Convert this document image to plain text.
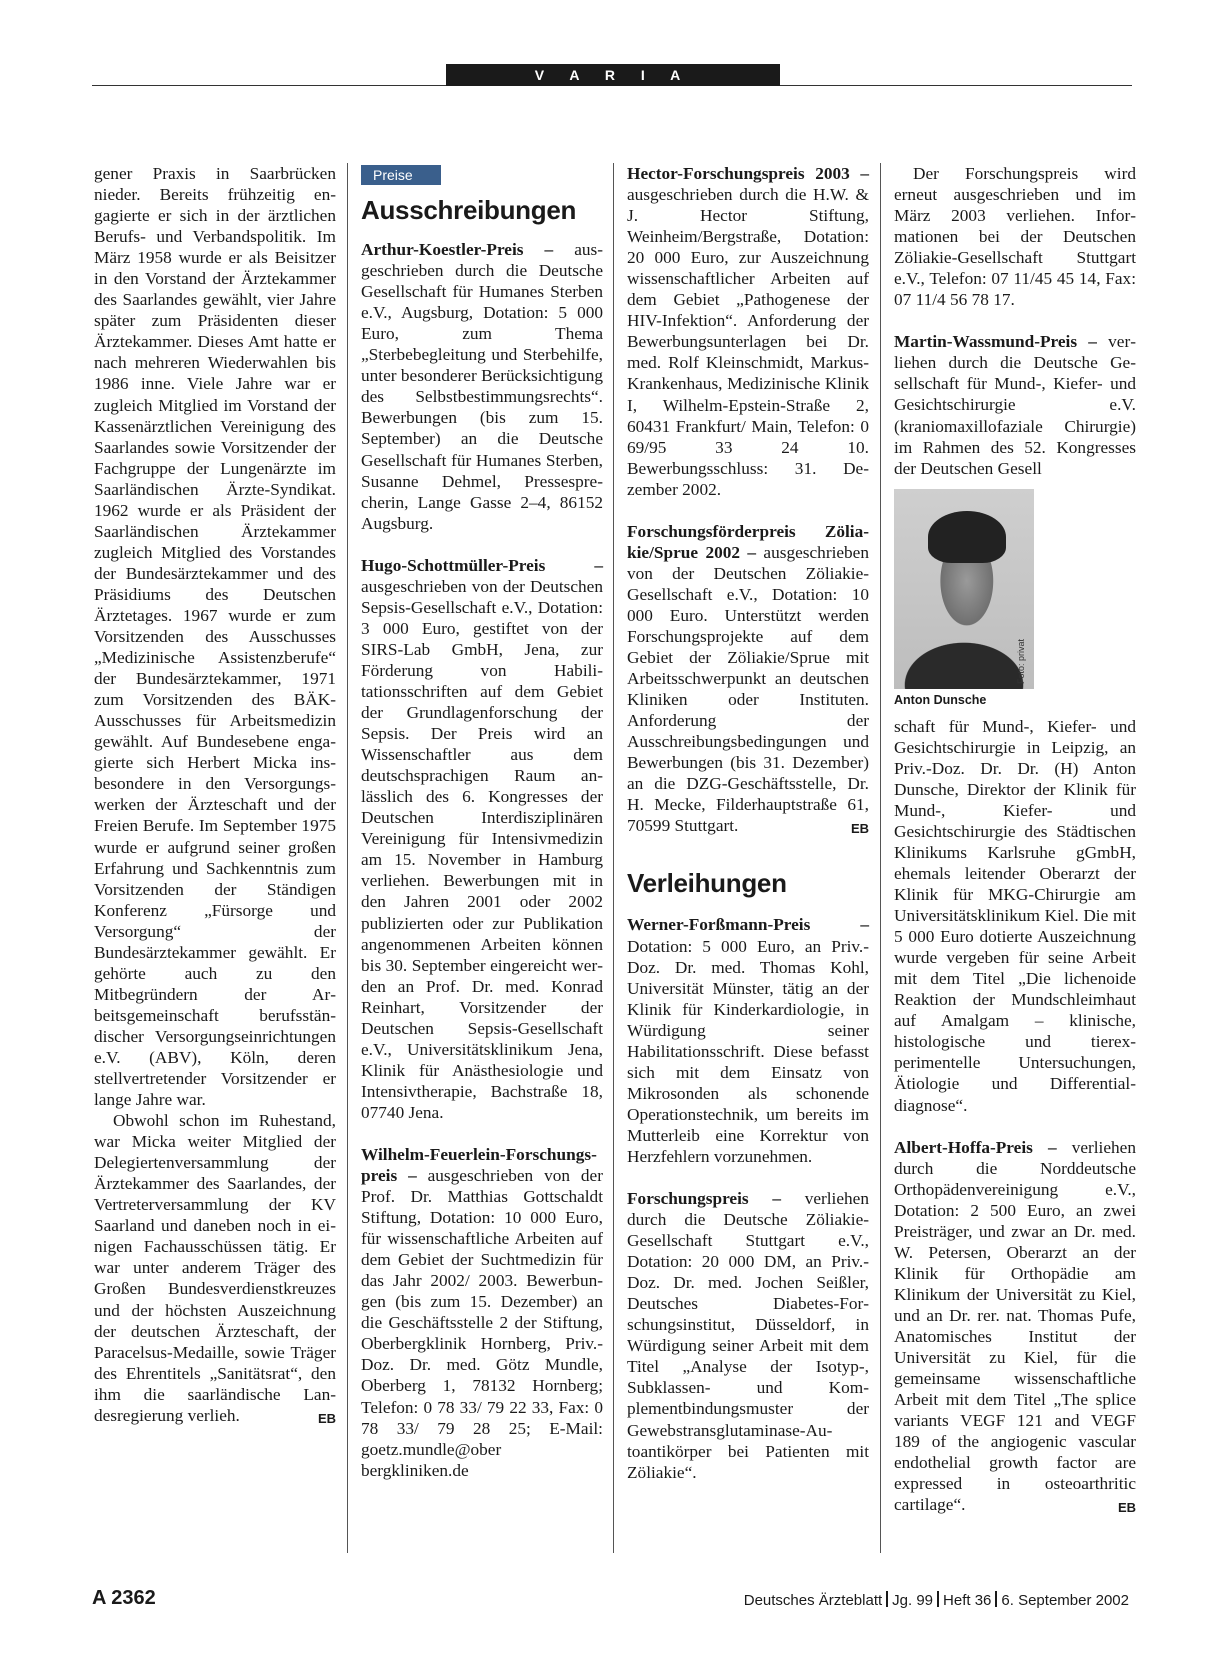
V A R I A

gener Praxis in Saarbrücken nieder. Bereits frühzeitig engagierte er sich in der ärztlichen Berufs- und Verbandspolitik. Im März 1958 wurde er als Beisitzer in den Vorstand der Ärztekammer des Saarlandes gewählt, vier Jahre später zum Präsidenten dieser Ärztekammer. Dieses Amt hatte er nach mehreren Wiederwahlen bis 1986 inne. Viele Jahre war er zugleich Mitglied im Vorstand der Kassenärztlichen Vereinigung des Saarlandes sowie Vorsitzender der Fachgruppe der Lungenärzte im Saarländischen Ärzte-Syndikat. 1962 wurde er als Präsident der Saarländischen Ärztekammer zugleich Mitglied des Vorstandes der Bundesärztekammer und des Präsidiums des Deutschen Ärztetages. 1967 wurde er zum Vorsitzenden des Ausschusses „Medizinische Assistenzberufe“ der Bundesärztekammer, 1971 zum Vorsitzenden des BÄK-Ausschusses für Arbeitsmedizin gewählt. Auf Bundesebene engagierte sich Herbert Micka insbesondere in den Versorgungswerken der Ärzteschaft und der Freien Berufe. Im September 1975 wurde er aufgrund seiner großen Erfahrung und Sachkenntnis zum Vorsitzenden der Ständigen Konferenz „Fürsorge und Versorgung“ der Bundesärztekammer gewählt. Er gehörte auch zu den Mitbegründern der Arbeitsgemeinschaft berufsständischer Versorgungseinrichtungen e.V. (ABV), Köln, deren stellvertretender Vorsitzender er lange Jahre war.

Obwohl schon im Ruhestand, war Micka weiter Mitglied der Delegiertenversammlung der Ärztekammer des Saarlandes, der Vertreterversammlung der KV Saarland und daneben noch in einigen Fachausschüssen tätig. Er war unter anderem Träger des Großen Bundesverdienstkreuzes und der höchsten Auszeichnung der deutschen Ärzteschaft, der Paracelsus-Medaille, sowie Träger des Ehrentitels „Sanitätsrat“, den ihm die saarländische Landesregierung verlieh.	EB

Preise
Ausschreibungen

Arthur-Koestler-Preis – ausgeschrieben durch die Deutsche Gesellschaft für Humanes Sterben e.V., Augsburg, Dotation: 5 000 Euro, zum Thema „Sterbebegleitung und Sterbehilfe, unter besonderer Berücksichtigung des Selbstbestimmungsrechts“. Bewerbungen (bis zum 15. September) an die Deutsche Gesellschaft für Humanes Sterben, Susanne Dehmel, Pressesprecherin, Lange Gasse 2–4, 86152 Augsburg.

Hugo-Schottmüller-Preis – ausgeschrieben von der Deutschen Sepsis-Gesellschaft e.V., Dotation: 3 000 Euro, gestiftet von der SIRS-Lab GmbH, Jena, zur Förderung von Habilitationsschriften auf dem Gebiet der Grundlagenforschung der Sepsis. Der Preis wird an Wissenschaftler aus dem deutschsprachigen Raum anlässlich des 6. Kongresses der Deutschen Interdisziplinären Vereinigung für Intensivmedizin am 15. November in Hamburg verliehen. Bewerbungen mit in den Jahren 2001 oder 2002 publizierten oder zur Publikation angenommenen Arbeiten können bis 30. September eingereicht werden an Prof. Dr. med. Konrad Reinhart, Vorsitzender der Deutschen Sepsis-Gesellschaft e.V., Universitätsklinikum Jena, Klinik für Anästhesiologie und Intensivtherapie, Bachstraße 18, 07740 Jena.

Wilhelm-Feuerlein-Forschungspreis – ausgeschrieben von der Prof. Dr. Matthias Gottschaldt Stiftung, Dotation: 10 000 Euro, für wissenschaftliche Arbeiten auf dem Gebiet der Suchtmedizin für das Jahr 2002/ 2003. Bewerbungen (bis zum 15. Dezember) an die Geschäftsstelle 2 der Stiftung, Oberbergklinik Hornberg, Priv.-Doz. Dr. med. Götz Mundle, Oberberg 1, 78132 Hornberg; Telefon: 0 78 33/ 79 22 33, Fax: 0 78 33/ 79 28 25; E-Mail: goetz.mundle@ober bergkliniken.de

Hector-Forschungspreis 2003 – ausgeschrieben durch die H.W. & J. Hector Stiftung, Weinheim/Bergstraße, Dotation: 20 000 Euro, zur Auszeichnung wissenschaftlicher Arbeiten auf dem Gebiet „Pathogenese der HIV-Infektion“. Anforderung der Bewerbungsunterlagen bei Dr. med. Rolf Kleinschmidt, Markus-Krankenhaus, Medizinische Klinik I, Wilhelm-Epstein-Straße 2, 60431 Frankfurt/ Main, Telefon: 0 69/95 33 24 10. Bewerbungsschluss: 31. Dezember 2002.

Forschungsförderpreis Zöliakie/Sprue 2002 – ausgeschrieben von der Deutschen Zöliakie-Gesellschaft e.V., Dotation: 10 000 Euro. Unterstützt werden Forschungsprojekte auf dem Gebiet der Zöliakie/Sprue mit Arbeitsschwerpunkt an deutschen Kliniken oder Instituten. Anforderung der Ausschreibungsbedingungen und Bewerbungen (bis 31. Dezember) an die DZG-Geschäftsstelle, Dr. H. Mecke, Filderhauptstraße 61, 70599 Stuttgart.	EB

Verleihungen

Werner-Forßmann-Preis – Dotation: 5 000 Euro, an Priv.-Doz. Dr. med. Thomas Kohl, Universität Münster, tätig an der Klinik für Kinderkardiologie, in Würdigung seiner Habilitationsschrift. Diese befasst sich mit dem Einsatz von Mikrosonden als schonende Operationstechnik, um bereits im Mutterleib eine Korrektur von Herzfehlern vorzunehmen.

Forschungspreis – verliehen durch die Deutsche Zöliakie-Gesellschaft Stuttgart e.V., Dotation: 20 000 DM, an Priv.-Doz. Dr. med. Jochen Seißler, Deutsches Diabetes-Forschungsinstitut, Düsseldorf, in Würdigung seiner Arbeit mit dem Titel „Analyse der Isotyp-, Subklassen- und Komplementbindungsmuster der Gewebstransglutaminase-Autoantikörper bei Patienten mit Zöliakie“.

Der Forschungspreis wird erneut ausgeschrieben und im März 2003 verliehen. Informationen bei der Deutschen Zöliakie-Gesellschaft Stuttgart e.V., Telefon: 07 11/45 45 14, Fax: 07 11/4 56 78 17.

Martin-Wassmund-Preis – verliehen durch die Deutsche Gesellschaft für Mund-, Kiefer- und Gesichtschirurgie e.V. (kraniomaxillofaziale Chirurgie) im Rahmen des 52. Kongresses der Deutschen Gesell

Foto: privat
Anton Dunsche

schaft für Mund-, Kiefer- und Gesichtschirurgie in Leipzig, an Priv.-Doz. Dr. Dr. (H) Anton Dunsche, Direktor der Klinik für Mund-, Kiefer- und Gesichtschirurgie des Städtischen Klinikums Karlsruhe gGmbH, ehemals leitender Oberarzt der Klinik für MKG-Chirurgie am Universitätsklinikum Kiel. Die mit 5 000 Euro dotierte Auszeichnung wurde vergeben für seine Arbeit mit dem Titel „Die lichenoide Reaktion der Mundschleimhaut auf Amalgam – klinische, histologische und tierexperimentelle Untersuchungen, Ätiologie und Differentialdiagnose“.

Albert-Hoffa-Preis – verliehen durch die Norddeutsche Orthopädenvereinigung e.V., Dotation: 2 500 Euro, an zwei Preisträger, und zwar an Dr. med. W. Petersen, Oberarzt an der Klinik für Orthopädie am Klinikum der Universität zu Kiel, und an Dr. rer. nat. Thomas Pufe, Anatomisches Institut der Universität zu Kiel, für die gemeinsame wissenschaftliche Arbeit mit dem Titel „The splice variants VEGF 121 and VEGF 189 of the angiogenic vascular endothelial growth factor are expressed in osteoarthritic cartilage“.	EB

A 2362	Deutsches Ärzteblatt Jg. 99 Heft 36 6. September 2002
